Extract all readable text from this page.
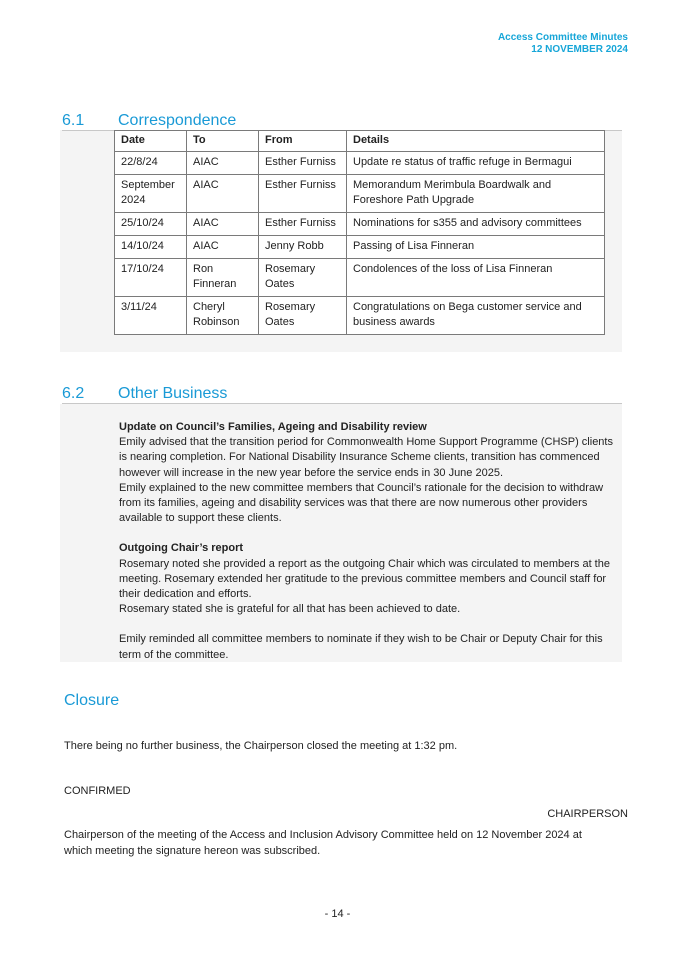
Access Committee Minutes
12 NOVEMBER 2024
6.1 Correspondence
Date	To	From	Details
22/8/24	AIAC	Esther Furniss	Update re status of traffic refuge in Bermagui
September 2024	AIAC	Esther Furniss	Memorandum Merimbula Boardwalk and Foreshore Path Upgrade
25/10/24	AIAC	Esther Furniss	Nominations for s355 and advisory committees
14/10/24	AIAC	Jenny Robb	Passing of Lisa Finneran
17/10/24	Ron Finneran	Rosemary Oates	Condolences of the loss of Lisa Finneran
3/11/24	Cheryl Robinson	Rosemary Oates	Congratulations on Bega customer service and business awards
6.2 Other Business

Update on Council’s Families, Ageing and Disability review

Emily advised that the transition period for Commonwealth Home Support Programme (CHSP) clients is nearing completion. For National Disability Insurance Scheme clients, transition has commenced however will increase in the new year before the service ends in 30 June 2025.

Emily explained to the new committee members that Council’s rationale for the decision to withdraw from its families, ageing and disability services was that there are now numerous other providers available to support these clients.

Outgoing Chair’s report

Rosemary noted she provided a report as the outgoing Chair which was circulated to members at the meeting. Rosemary extended her gratitude to the previous committee members and Council staff for their dedication and efforts.

Rosemary stated she is grateful for all that has been achieved to date.

Emily reminded all committee members to nominate if they wish to be Chair or Deputy Chair for this term of the committee.

Closure
There being no further business, the Chairperson closed the meeting at 1:32 pm.
CONFIRMED
CHAIRPERSON
Chairperson of the meeting of the Access and Inclusion Advisory Committee held on 12 November 2024 at which meeting the signature hereon was subscribed.
- 14 -
